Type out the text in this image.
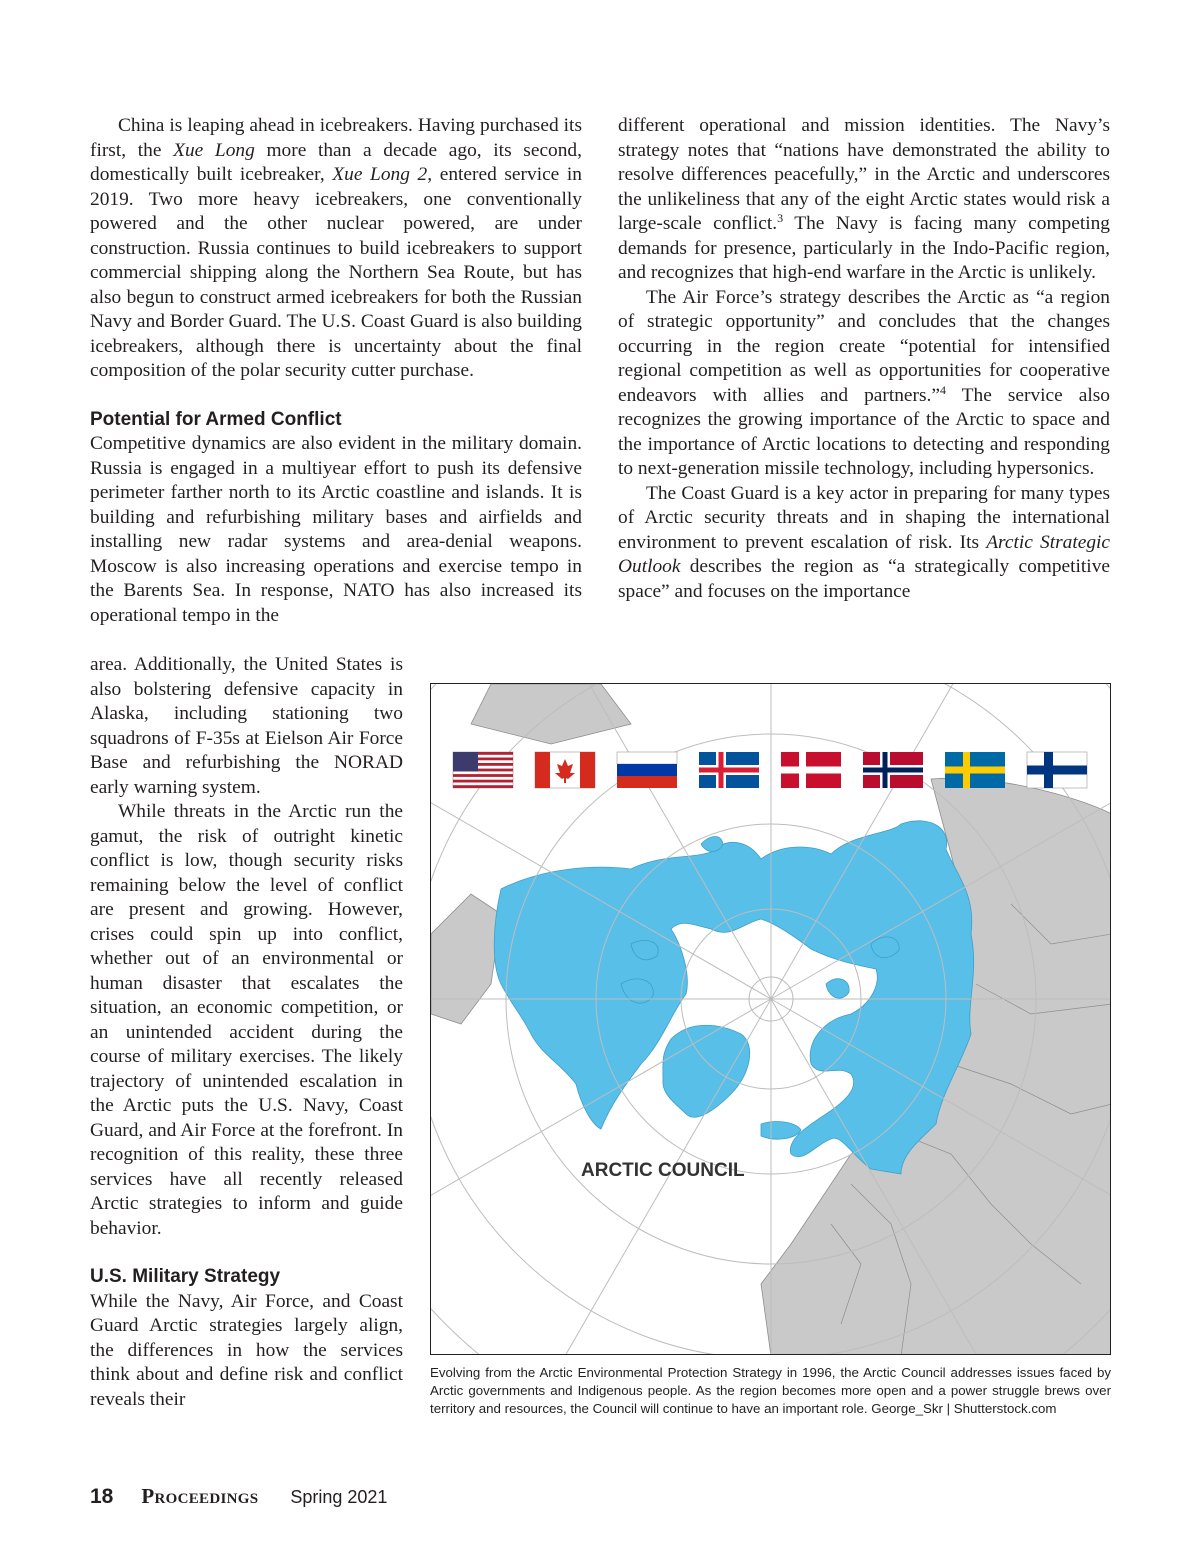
China is leaping ahead in icebreakers. Having purchased its first, the Xue Long more than a decade ago, its second, domestically built icebreaker, Xue Long 2, entered service in 2019. Two more heavy icebreakers, one conventionally powered and the other nuclear powered, are under construction. Russia continues to build icebreakers to support commercial shipping along the Northern Sea Route, but has also begun to construct armed icebreakers for both the Russian Navy and Border Guard. The U.S. Coast Guard is also building icebreakers, although there is uncertainty about the final composition of the polar security cutter purchase.

Potential for Armed Conflict

Competitive dynamics are also evident in the military domain. Russia is engaged in a multiyear effort to push its defensive perimeter farther north to its Arctic coastline and islands. It is building and refurbishing military bases and airfields and installing new radar systems and area-denial weapons. Moscow is also increasing operations and exercise tempo in the Barents Sea. In response, NATO has also increased its operational tempo in the

area. Additionally, the United States is also bolstering defensive capacity in Alaska, including stationing two squadrons of F-35s at Eielson Air Force Base and refurbishing the NORAD early warning system.

While threats in the Arctic run the gamut, the risk of outright kinetic conflict is low, though security risks remaining below the level of conflict are present and growing. However, crises could spin up into conflict, whether out of an environmental or human disaster that escalates the situation, an economic competition, or an unintended accident during the course of military exercises. The likely trajectory of unintended escalation in the Arctic puts the U.S. Navy, Coast Guard, and Air Force at the forefront. In recognition of this reality, these three services have all recently released Arctic strategies to inform and guide behavior.

U.S. Military Strategy

While the Navy, Air Force, and Coast Guard Arctic strategies largely align, the differences in how the services think about and define risk and conflict reveals their

different operational and mission identities. The Navy’s strategy notes that “nations have demonstrated the ability to resolve differences peacefully,” in the Arctic and underscores the unlikeliness that any of the eight Arctic states would risk a large-scale conflict.$^3$ The Navy is facing many competing demands for presence, particularly in the Indo-Pacific region, and recognizes that high-end warfare in the Arctic is unlikely.

The Air Force’s strategy describes the Arctic as “a region of strategic opportunity” and concludes that the changes occurring in the region create “potential for intensified regional competition as well as opportunities for cooperative endeavors with allies and partners.”$^4$ The service also recognizes the growing importance of the Arctic to space and the importance of Arctic locations to detecting and responding to next-generation missile technology, including hypersonics.

The Coast Guard is a key actor in preparing for many types of Arctic security threats and in shaping the international environment to prevent escalation of risk. Its Arctic Strategic Outlook describes the region as “a strategically competitive space” and focuses on the importance

ARCTIC COUNCIL
Evolving from the Arctic Environmental Protection Strategy in 1996, the Arctic Council addresses issues faced by Arctic governments and Indigenous people. As the region becomes more open and a power struggle brews over territory and resources, the Council will continue to have an important role. George_Skr | Shutterstock.com
18 Proceedings Spring 2021
